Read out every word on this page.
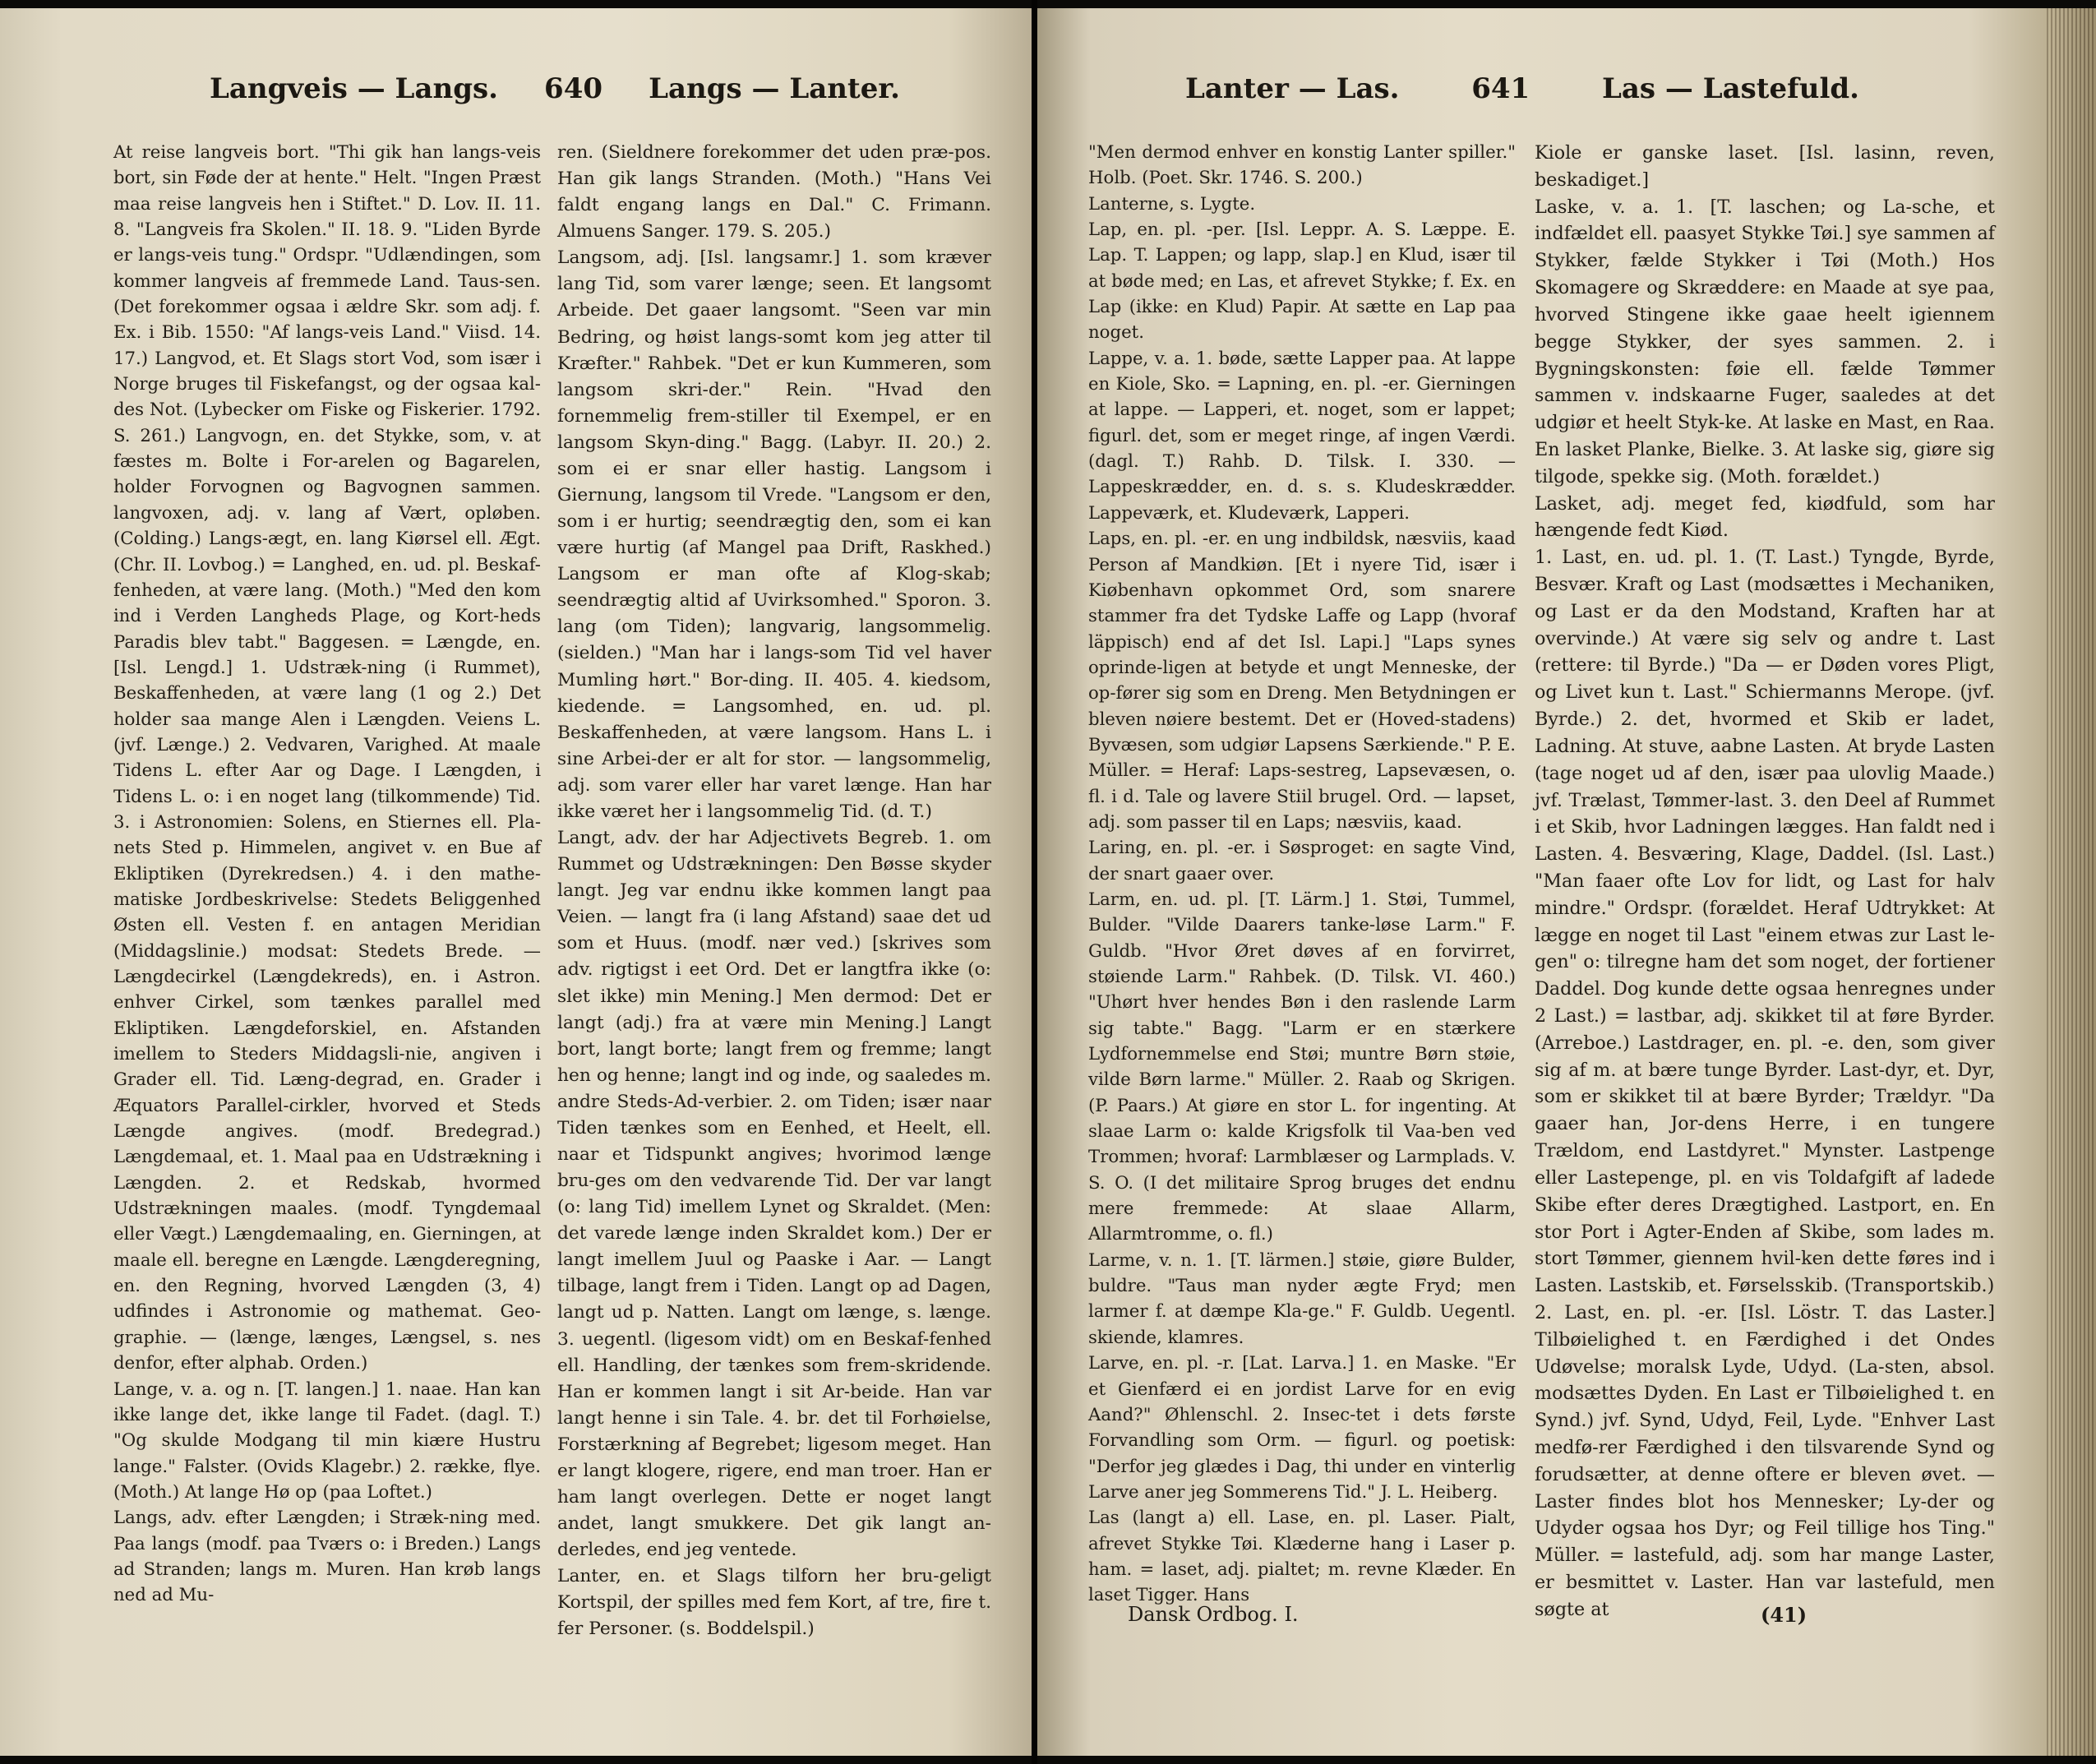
Langveis — Langs. 640 Langs — Lanter.

At reise langveis bort. "Thi gik han langs-veis bort, sin Føde der at hente." Helt. "Ingen Præst maa reise langveis hen i Stiftet." D. Lov. II. 11. 8. "Langveis fra Skolen." II. 18. 9. "Liden Byrde er langs-veis tung." Ordspr. "Udlændingen, som kommer langveis af fremmede Land. Taus-sen. (Det forekommer ogsaa i ældre Skr. som adj. f. Ex. i Bib. 1550: "Af langs-veis Land." Viisd. 14. 17.) Langvod, et. Et Slags stort Vod, som især i Norge bruges til Fiskefangst, og der ogsaa kal-des Not. (Lybecker om Fiske og Fiskerier. 1792. S. 261.) Langvogn, en. det Stykke, som, v. at fæstes m. Bolte i For-arelen og Bagarelen, holder Forvognen og Bagvognen sammen. langvoxen, adj. v. lang af Vært, opløben. (Colding.) Langs-ægt, en. lang Kiørsel ell. Ægt. (Chr. II. Lovbog.) = Langhed, en. ud. pl. Beskaf-fenheden, at være lang. (Moth.) "Med den kom ind i Verden Langheds Plage, og Kort-heds Paradis blev tabt." Baggesen. = Længde, en. [Isl. Lengd.] 1. Udstræk-ning (i Rummet), Beskaffenheden, at være lang (1 og 2.) Det holder saa mange Alen i Længden. Veiens L. (jvf. Længe.) 2. Vedvaren, Varighed. At maale Tidens L. efter Aar og Dage. I Længden, i Tidens L. o: i en noget lang (tilkommende) Tid. 3. i Astronomien: Solens, en Stiernes ell. Pla-nets Sted p. Himmelen, angivet v. en Bue af Ekliptiken (Dyrekredsen.) 4. i den mathe-matiske Jordbeskrivelse: Stedets Beliggenhed Østen ell. Vesten f. en antagen Meridian (Middagslinie.) modsat: Stedets Brede. — Længdecirkel (Længdekreds), en. i Astron. enhver Cirkel, som tænkes parallel med Ekliptiken. Længdeforskiel, en. Afstanden imellem to Steders Middagsli-nie, angiven i Grader ell. Tid. Læng-degrad, en. Grader i Æquators Parallel-cirkler, hvorved et Steds Længde angives. (modf. Bredegrad.) Længdemaal, et. 1. Maal paa en Udstrækning i Længden. 2. et Redskab, hvormed Udstrækningen maales. (modf. Tyngdemaal eller Vægt.) Længdemaaling, en. Gierningen, at maale ell. beregne en Længde. Længderegning, en. den Regning, hvorved Længden (3, 4) udfindes i Astronomie og mathemat. Geo-graphie. — (længe, længes, Længsel, s. nes denfor, efter alphab. Orden.)

Lange, v. a. og n. [T. langen.] 1. naae. Han kan ikke lange det, ikke lange til Fadet. (dagl. T.) "Og skulde Modgang til min kiære Hustru lange." Falster. (Ovids Klagebr.) 2. række, flye. (Moth.) At lange Hø op (paa Loftet.)

Langs, adv. efter Længden; i Stræk-ning med. Paa langs (modf. paa Tværs o: i Breden.) Langs ad Stranden; langs m. Muren. Han krøb langs ned ad Mu-

ren. (Sieldnere forekommer det uden præ-pos. Han gik langs Stranden. (Moth.) "Hans Vei faldt engang langs en Dal." C. Frimann. Almuens Sanger. 179. S. 205.)

Langsom, adj. [Isl. langsamr.] 1. som kræver lang Tid, som varer længe; seen. Et langsomt Arbeide. Det gaaer langsomt. "Seen var min Bedring, og høist langs-somt kom jeg atter til Kræfter." Rahbek. "Det er kun Kummeren, som langsom skri-der." Rein. "Hvad den fornemmelig frem-stiller til Exempel, er en langsom Skyn-ding." Bagg. (Labyr. II. 20.) 2. som ei er snar eller hastig. Langsom i Giernung, langsom til Vrede. "Langsom er den, som i er hurtig; seendrægtig den, som ei kan være hurtig (af Mangel paa Drift, Raskhed.) Langsom er man ofte af Klog-skab; seendrægtig altid af Uvirksomhed." Sporon. 3. lang (om Tiden); langvarig, langsommelig. (sielden.) "Man har i langs-som Tid vel haver Mumling hørt." Bor-ding. II. 405. 4. kiedsom, kiedende. = Langsomhed, en. ud. pl. Beskaffenheden, at være langsom. Hans L. i sine Arbei-der er alt for stor. — langsommelig, adj. som varer eller har varet længe. Han har ikke været her i langsommelig Tid. (d. T.)

Langt, adv. der har Adjectivets Begreb. 1. om Rummet og Udstrækningen: Den Bøsse skyder langt. Jeg var endnu ikke kommen langt paa Veien. — langt fra (i lang Afstand) saae det ud som et Huus. (modf. nær ved.) [skrives som adv. rigtigst i eet Ord. Det er langtfra ikke (o: slet ikke) min Mening.] Men dermod: Det er langt (adj.) fra at være min Mening.] Langt bort, langt borte; langt frem og fremme; langt hen og henne; langt ind og inde, og saaledes m. andre Steds-Ad-verbier. 2. om Tiden; især naar Tiden tænkes som en Eenhed, et Heelt, ell. naar et Tidspunkt angives; hvorimod længe bru-ges om den vedvarende Tid. Der var langt (o: lang Tid) imellem Lynet og Skraldet. (Men: det varede længe inden Skraldet kom.) Der er langt imellem Juul og Paaske i Aar. — Langt tilbage, langt frem i Tiden. Langt op ad Dagen, langt ud p. Natten. Langt om længe, s. længe. 3. uegentl. (ligesom vidt) om en Beskaf-fenhed ell. Handling, der tænkes som frem-skridende. Han er kommen langt i sit Ar-beide. Han var langt henne i sin Tale. 4. br. det til Forhøielse, Forstærkning af Begrebet; ligesom meget. Han er langt klogere, rigere, end man troer. Han er ham langt overlegen. Dette er noget langt andet, langt smukkere. Det gik langt an-derledes, end jeg ventede.

Lanter, en. et Slags tilforn her bru-geligt Kortspil, der spilles med fem Kort, af tre, fire t. fer Personer. (s. Boddelspil.)

Lanter — Las.	641	Las — Lastefuld.

"Men dermod enhver en konstig Lanter spiller." Holb. (Poet. Skr. 1746. S. 200.)

Lanterne, s. Lygte.

Lap, en. pl. -per. [Isl. Leppr. A. S. Læppe. E. Lap. T. Lappen; og lapp, slap.] en Klud, især til at bøde med; en Las, et afrevet Stykke; f. Ex. en Lap (ikke: en Klud) Papir. At sætte en Lap paa noget.

Lappe, v. a. 1. bøde, sætte Lapper paa. At lappe en Kiole, Sko. = Lapning, en. pl. -er. Gierningen at lappe. — Lapperi, et. noget, som er lappet; figurl. det, som er meget ringe, af ingen Værdi. (dagl. T.) Rahb. D. Tilsk. I. 330. — Lappeskrædder, en. d. s. s. Kludeskrædder. Lappeværk, et. Kludeværk, Lapperi.

Laps, en. pl. -er. en ung indbildsk, næsviis, kaad Person af Mandkiøn. [Et i nyere Tid, især i Kiøbenhavn opkommet Ord, som snarere stammer fra det Tydske Laffe og Lapp (hvoraf läppisch) end af det Isl. Lapi.] "Laps synes oprinde-ligen at betyde et ungt Menneske, der op-fører sig som en Dreng. Men Betydningen er bleven nøiere bestemt. Det er (Hoved-stadens) Byvæsen, som udgiør Lapsens Særkiende." P. E. Müller. = Heraf: Laps-sestreg, Lapsevæsen, o. fl. i d. Tale og lavere Stiil brugel. Ord. — lapset, adj. som passer til en Laps; næsviis, kaad.

Laring, en. pl. -er. i Søsproget: en sagte Vind, der snart gaaer over.

Larm, en. ud. pl. [T. Lärm.] 1. Støi, Tummel, Bulder. "Vilde Daarers tanke-løse Larm." F. Guldb. "Hvor Øret døves af en forvirret, støiende Larm." Rahbek. (D. Tilsk. VI. 460.) "Uhørt hver hendes Bøn i den raslende Larm sig tabte." Bagg. "Larm er en stærkere Lydfornemmelse end Støi; muntre Børn støie, vilde Børn larme." Müller. 2. Raab og Skrigen. (P. Paars.) At giøre en stor L. for ingenting. At slaae Larm o: kalde Krigsfolk til Vaa-ben ved Trommen; hvoraf: Larmblæser og Larmplads. V. S. O. (I det militaire Sprog bruges det endnu mere fremmede: At slaae Allarm, Allarmtromme, o. fl.)

Larme, v. n. 1. [T. lärmen.] støie, giøre Bulder, buldre. "Taus man nyder ægte Fryd; men larmer f. at dæmpe Kla-ge." F. Guldb. Uegentl. skiende, klamres.

Larve, en. pl. -r. [Lat. Larva.] 1. en Maske. "Er et Gienfærd ei en jordist Larve for en evig Aand?" Øhlenschl. 2. Insec-tet i dets første Forvandling som Orm. — figurl. og poetisk: "Derfor jeg glædes i Dag, thi under en vinterlig Larve aner jeg Sommerens Tid." J. L. Heiberg.

Las (langt a) ell. Lase, en. pl. Laser. Pialt, afrevet Stykke Tøi. Klæderne hang i Laser p. ham. = laset, adj. pialtet; m. revne Klæder. En laset Tigger. Hans

Kiole er ganske laset. [Isl. lasinn, reven, beskadiget.]

Laske, v. a. 1. [T. laschen; og La-sche, et indfældet ell. paasyet Stykke Tøi.] sye sammen af Stykker, fælde Stykker i Tøi (Moth.) Hos Skomagere og Skræddere: en Maade at sye paa, hvorved Stingene ikke gaae heelt igiennem begge Stykker, der syes sammen. 2. i Bygningskonsten: føie ell. fælde Tømmer sammen v. indskaarne Fuger, saaledes at det udgiør et heelt Styk-ke. At laske en Mast, en Raa. En lasket Planke, Bielke. 3. At laske sig, giøre sig tilgode, spekke sig. (Moth. forældet.)

Lasket, adj. meget fed, kiødfuld, som har hængende fedt Kiød.

1. Last, en. ud. pl. 1. (T. Last.) Tyngde, Byrde, Besvær. Kraft og Last (modsættes i Mechaniken, og Last er da den Modstand, Kraften har at overvinde.) At være sig selv og andre t. Last (rettere: til Byrde.) "Da — er Døden vores Pligt, og Livet kun t. Last." Schiermanns Merope. (jvf. Byrde.) 2. det, hvormed et Skib er ladet, Ladning. At stuve, aabne Lasten. At bryde Lasten (tage noget ud af den, især paa ulovlig Maade.) jvf. Trælast, Tømmer-last. 3. den Deel af Rummet i et Skib, hvor Ladningen lægges. Han faldt ned i Lasten. 4. Besværing, Klage, Daddel. (Isl. Last.) "Man faaer ofte Lov for lidt, og Last for halv mindre." Ordspr. (forældet. Heraf Udtrykket: At lægge en noget til Last "einem etwas zur Last le-gen" o: tilregne ham det som noget, der fortiener Daddel. Dog kunde dette ogsaa henregnes under 2 Last.) = lastbar, adj. skikket til at føre Byrder. (Arreboe.) Lastdrager, en. pl. -e. den, som giver sig af m. at bære tunge Byrder. Last-dyr, et. Dyr, som er skikket til at bære Byrder; Trældyr. "Da gaaer han, Jor-dens Herre, i en tungere Trældom, end Lastdyret." Mynster. Lastpenge eller Lastepenge, pl. en vis Toldafgift af ladede Skibe efter deres Drægtighed. Lastport, en. En stor Port i Agter-Enden af Skibe, som lades m. stort Tømmer, giennem hvil-ken dette føres ind i Lasten. Lastskib, et. Førselsskib. (Transportskib.)

2. Last, en. pl. -er. [Isl. Löstr. T. das Laster.] Tilbøielighed t. en Færdighed i det Ondes Udøvelse; moralsk Lyde, Udyd. (La-sten, absol. modsættes Dyden. En Last er Tilbøielighed t. en Synd.) jvf. Synd, Udyd, Feil, Lyde. "Enhver Last medfø-rer Færdighed i den tilsvarende Synd og forudsætter, at denne oftere er bleven øvet. — Laster findes blot hos Mennesker; Ly-der og Udyder ogsaa hos Dyr; og Feil tillige hos Ting." Müller. = lastefuld, adj. som har mange Laster, er besmittet v. Laster. Han var lastefuld, men søgte at

Dansk Ordbog. I.	(41)
